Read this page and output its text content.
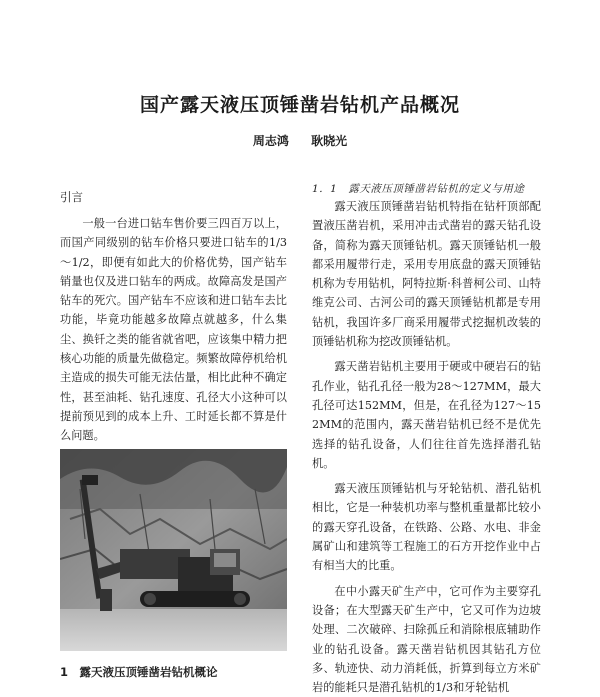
国产露天液压顶锤凿岩钻机产品概况
周志鸿 耿晓光
引言

一般一台进口钻车售价要三四百万以上，而国产同级别的钻车价格只要进口钻车的1/3～1/2，即便有如此大的价格优势，国产钻车销量也仅及进口钻车的两成。故障高发是国产钻车的死穴。国产钻车不应该和进口钻车去比功能，毕竟功能越多故障点就越多，什么集尘、换钎之类的能省就省吧，应该集中精力把核心功能的质量先做稳定。频繁故障停机给机主造成的损失可能无法估量，相比此种不确定性，甚至油耗、钻孔速度、孔径大小这种可以提前预见到的成本上升、工时延长都不算是什么问题。

1　露天液压顶锤凿岩钻机概论
1．1　露天液压顶锤凿岩钻机的定义与用途

露天液压顶锤凿岩钻机特指在钻杆顶部配置液压凿岩机，采用冲击式凿岩的露天钻孔设备，简称为露天顶锤钻机。露天顶锤钻机一般都采用履带行走，采用专用底盘的露天顶锤钻机称为专用钻机，阿特拉斯·科普柯公司、山特维克公司、古河公司的露天顶锤钻机都是专用钻机，我国许多厂商采用履带式挖掘机改装的顶锤钻机称为挖改顶锤钻机。

露天凿岩钻机主要用于硬或中硬岩石的钻孔作业，钻孔孔径一般为28～127MM，最大孔径可达152MM，但是，在孔径为127～152MM的范围内，露天凿岩钻机已经不是优先选择的钻孔设备，人们往往首先选择潜孔钻机。

露天液压顶锤钻机与牙轮钻机、潜孔钻机相比，它是一种装机功率与整机重量都比较小的露天穿孔设备，在铁路、公路、水电、非金属矿山和建筑等工程施工的石方开挖作业中占有相当大的比重。

在中小露天矿生产中，它可作为主要穿孔设备；在大型露天矿生产中，它又可作为边坡处理、二次破碎、扫除孤丘和消除根底辅助作业的钻孔设备。露天凿岩钻机因其钻孔方位多、轨迹快、动力消耗低，折算到每立方米矿岩的能耗只是潜孔钻机的1/3和牙轮钻机
